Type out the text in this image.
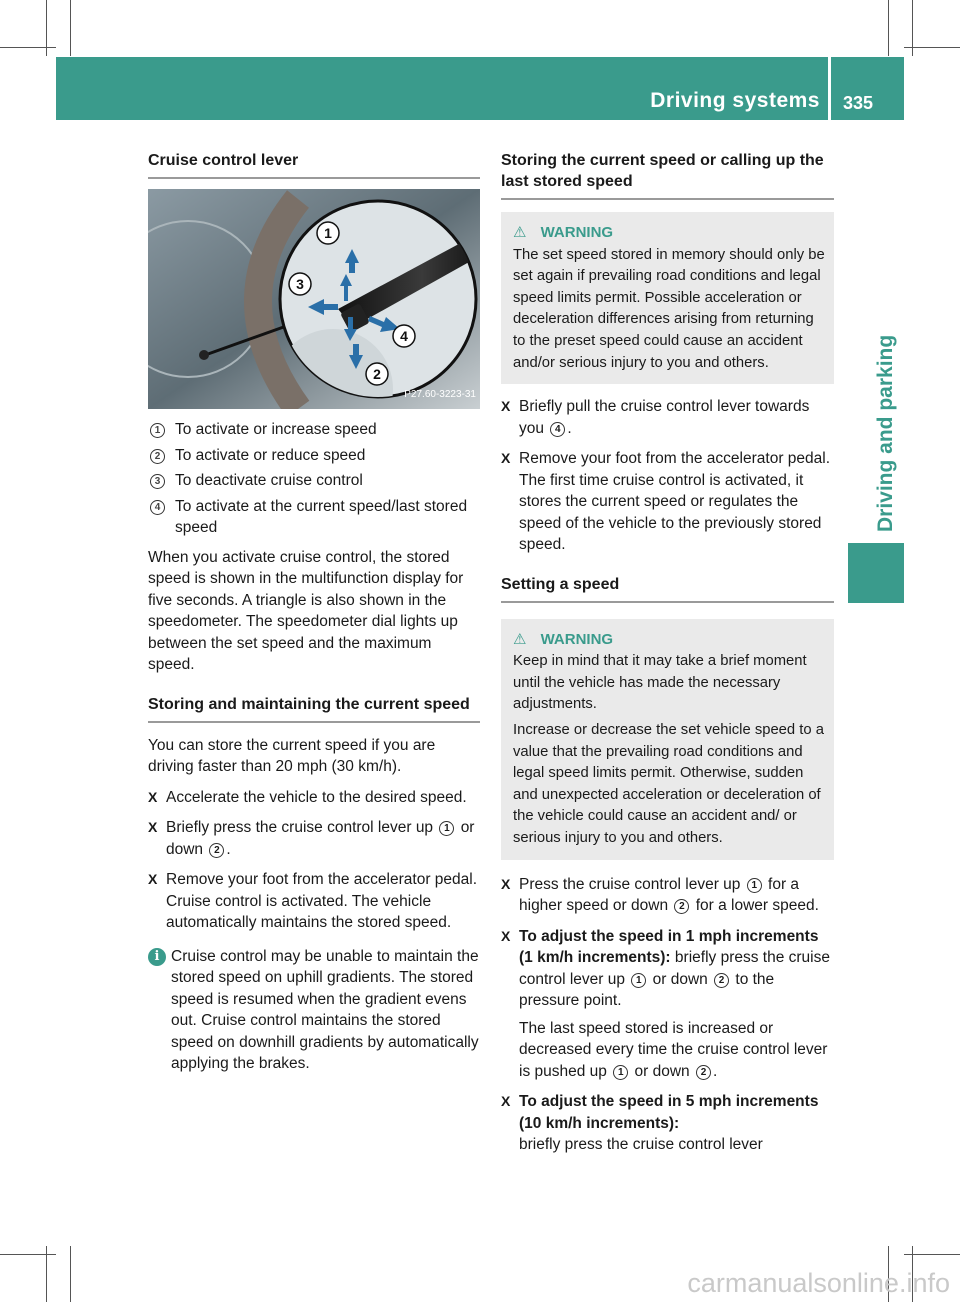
Driving systems 335
Driving and parking
Cruise control lever
1
2
3
4
P27.60-3223-31
1 To activate or increase speed
2 To activate or reduce speed
3 To deactivate cruise control
4 To activate at the current speed/last stored speed

When you activate cruise control, the stored speed is shown in the multifunction display for five seconds. A triangle is also shown in the speedometer. The speedometer dial lights up between the set speed and the maximum speed.

Storing and maintaining the current speed

You can store the current speed if you are driving faster than 20 mph (30 km/h).

X Accelerate the vehicle to the desired speed.
X Briefly press the cruise control lever up 1 or down 2 .
X Remove your foot from the accelerator pedal.
Cruise control is activated. The vehicle automatically maintains the stored speed.
i Cruise control may be unable to maintain the stored speed on uphill gradients. The stored speed is resumed when the gradient evens out. Cruise control maintains the stored speed on downhill gradients by automatically applying the brakes.
Storing the current speed or calling up the last stored speed
⚠ WARNING

The set speed stored in memory should only be set again if prevailing road conditions and legal speed limits permit. Possible acceleration or deceleration differences arising from returning to the preset speed could cause an accident and/or serious injury to you and others.

X Briefly pull the cruise control lever towards you 4 .
X Remove your foot from the accelerator pedal.
The first time cruise control is activated, it stores the current speed or regulates the speed of the vehicle to the previously stored speed.
Setting a speed
⚠ WARNING

Keep in mind that it may take a brief moment until the vehicle has made the necessary adjustments.

Increase or decrease the set vehicle speed to a value that the prevailing road conditions and legal speed limits permit. Otherwise, sudden and unexpected acceleration or deceleration of the vehicle could cause an accident and/ or serious injury to you and others.

X Press the cruise control lever up 1 for a higher speed or down 2 for a lower speed.
X To adjust the speed in 1 mph increments (1 km/h increments): briefly press the cruise control lever up 1 or down 2 to the pressure point.
The last speed stored is increased or decreased every time the cruise control lever is pushed up 1 or down 2 .
X To adjust the speed in 5 mph increments (10 km/h increments):
briefly press the cruise control lever
carmanualsonline.info
